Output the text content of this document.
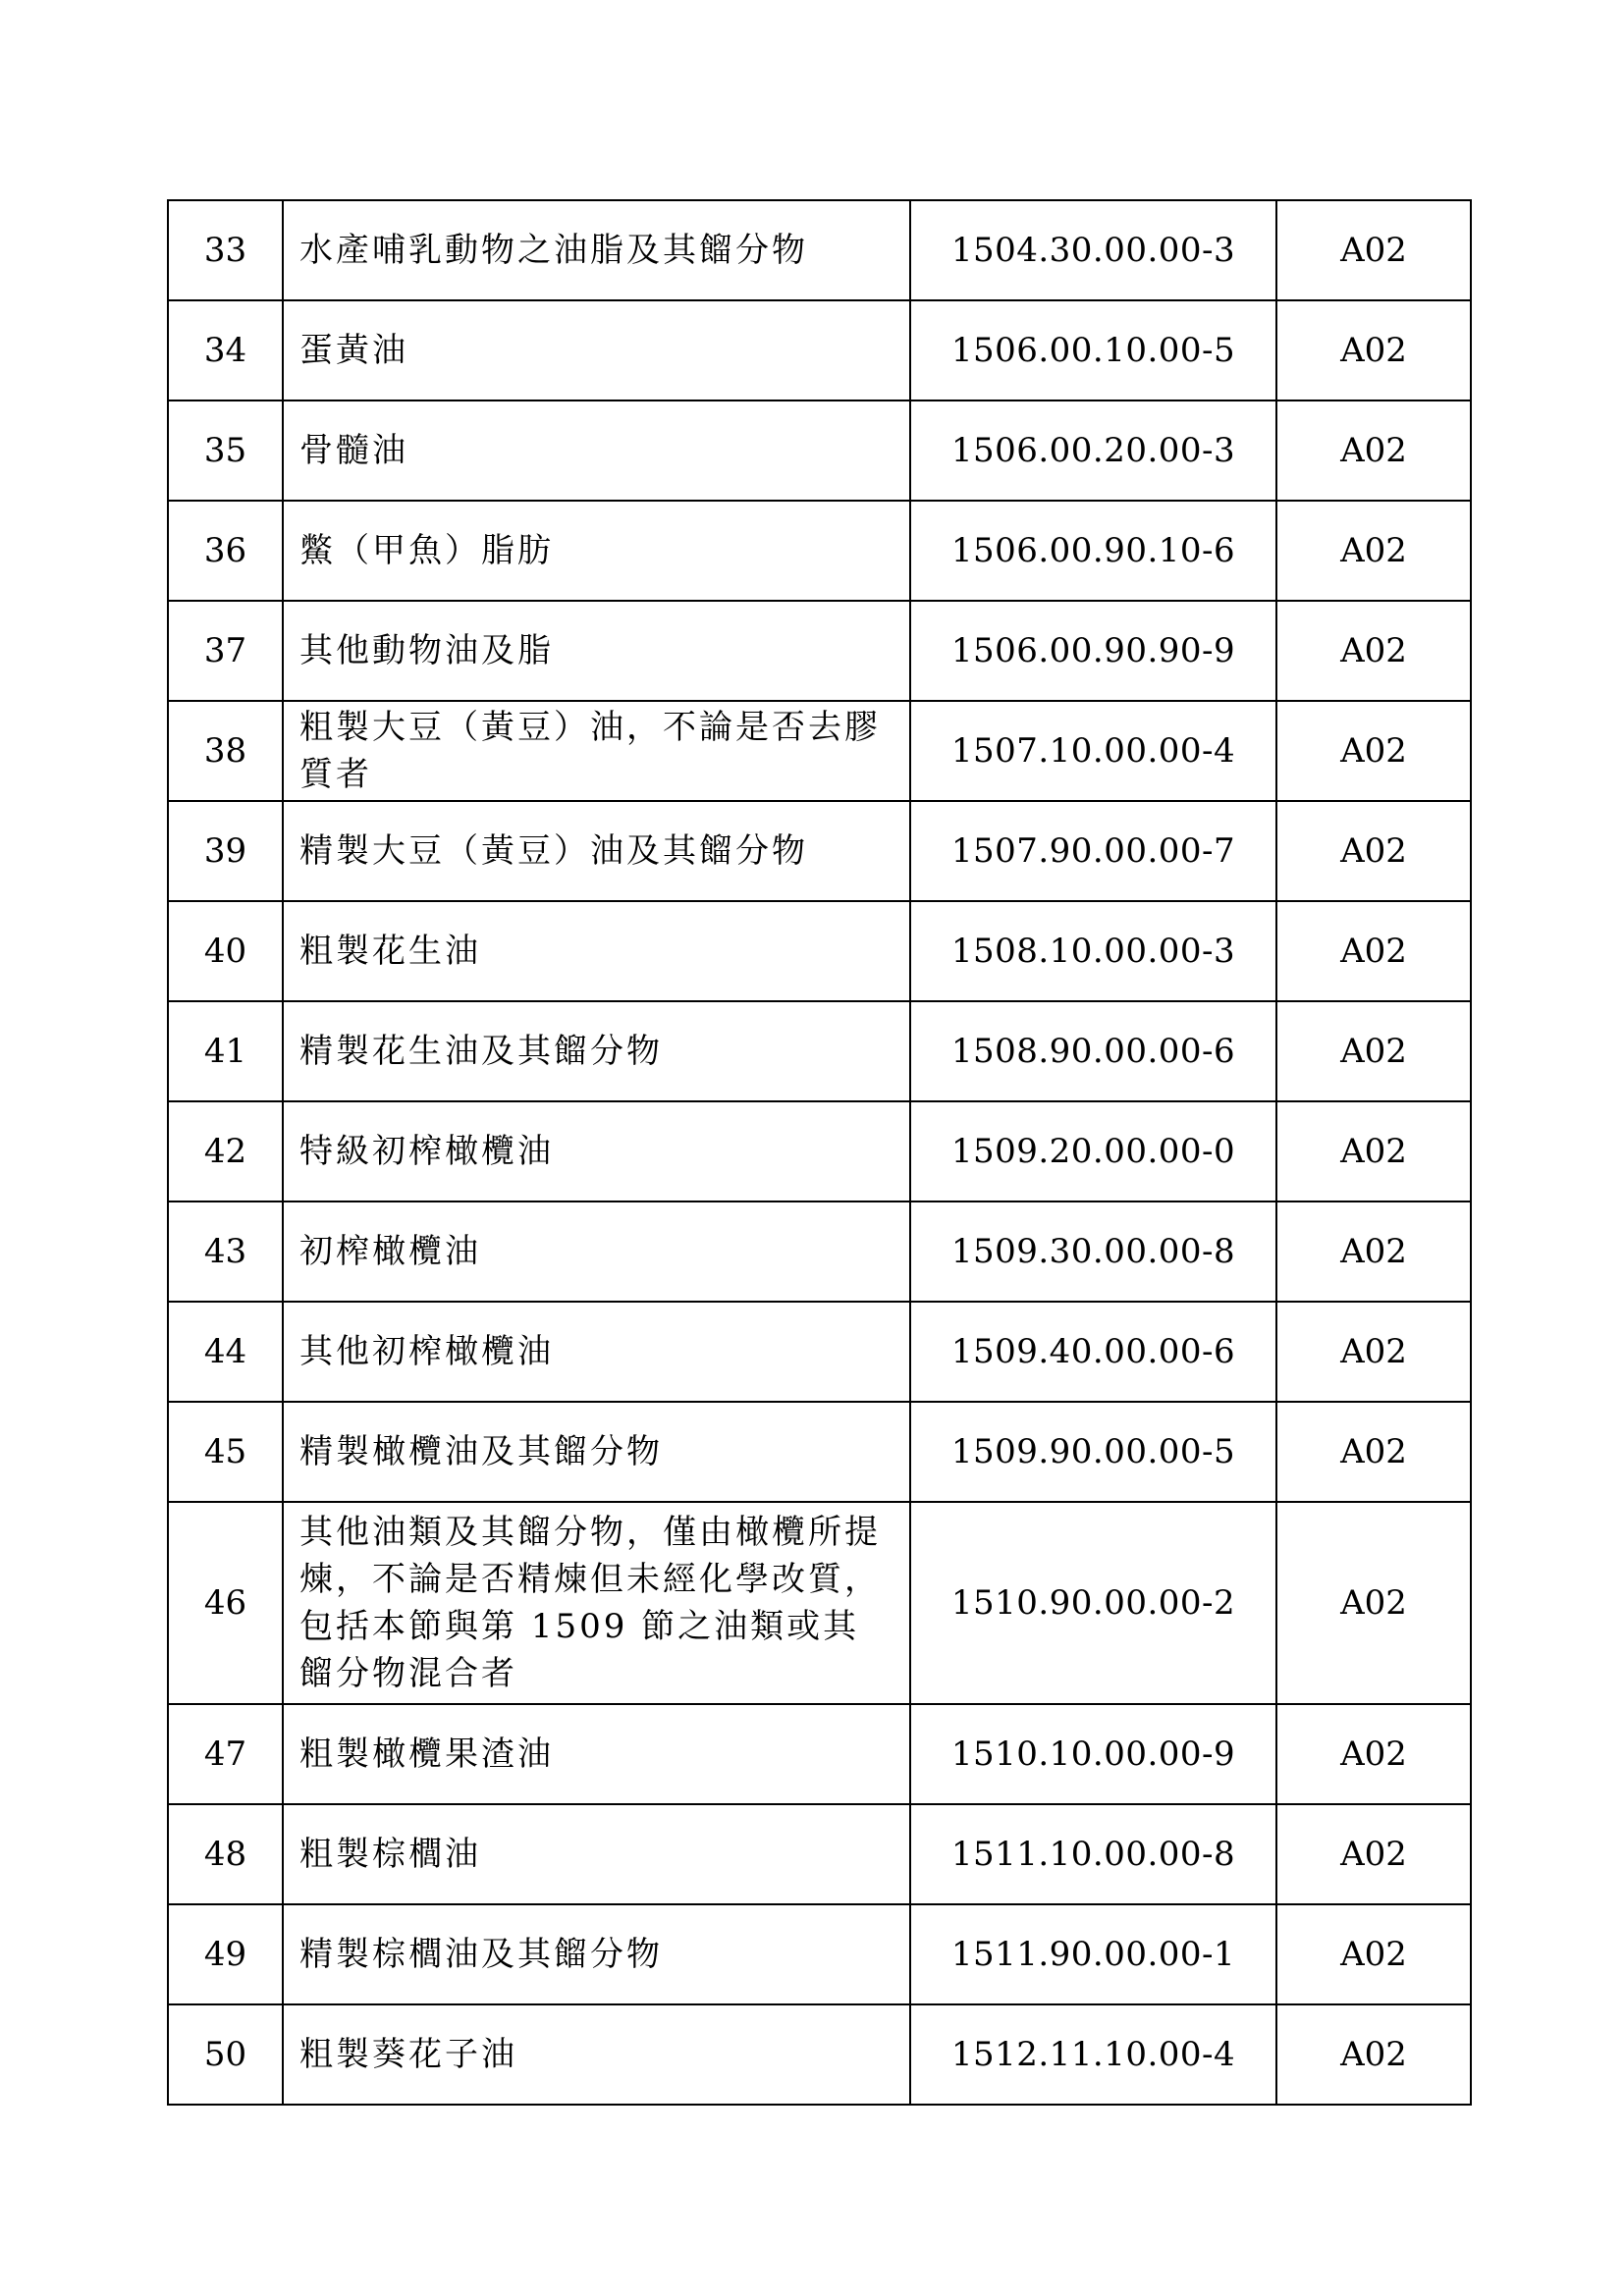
33	水產哺乳動物之油脂及其餾分物	1504.30.00.00-3	A02
34	蛋黃油	1506.00.10.00-5	A02
35	骨髓油	1506.00.20.00-3	A02
36	鱉（甲魚）脂肪	1506.00.90.10-6	A02
37	其他動物油及脂	1506.00.90.90-9	A02
38	粗製大豆（黃豆）油，不論是否去膠質者	1507.10.00.00-4	A02
39	精製大豆（黃豆）油及其餾分物	1507.90.00.00-7	A02
40	粗製花生油	1508.10.00.00-3	A02
41	精製花生油及其餾分物	1508.90.00.00-6	A02
42	特級初榨橄欖油	1509.20.00.00-0	A02
43	初榨橄欖油	1509.30.00.00-8	A02
44	其他初榨橄欖油	1509.40.00.00-6	A02
45	精製橄欖油及其餾分物	1509.90.00.00-5	A02
46	其他油類及其餾分物，僅由橄欖所提煉，不論是否精煉但未經化學改質，包括本節與第 1509 節之油類或其餾分物混合者	1510.90.00.00-2	A02
47	粗製橄欖果渣油	1510.10.00.00-9	A02
48	粗製棕櫚油	1511.10.00.00-8	A02
49	精製棕櫚油及其餾分物	1511.90.00.00-1	A02
50	粗製葵花子油	1512.11.10.00-4	A02
